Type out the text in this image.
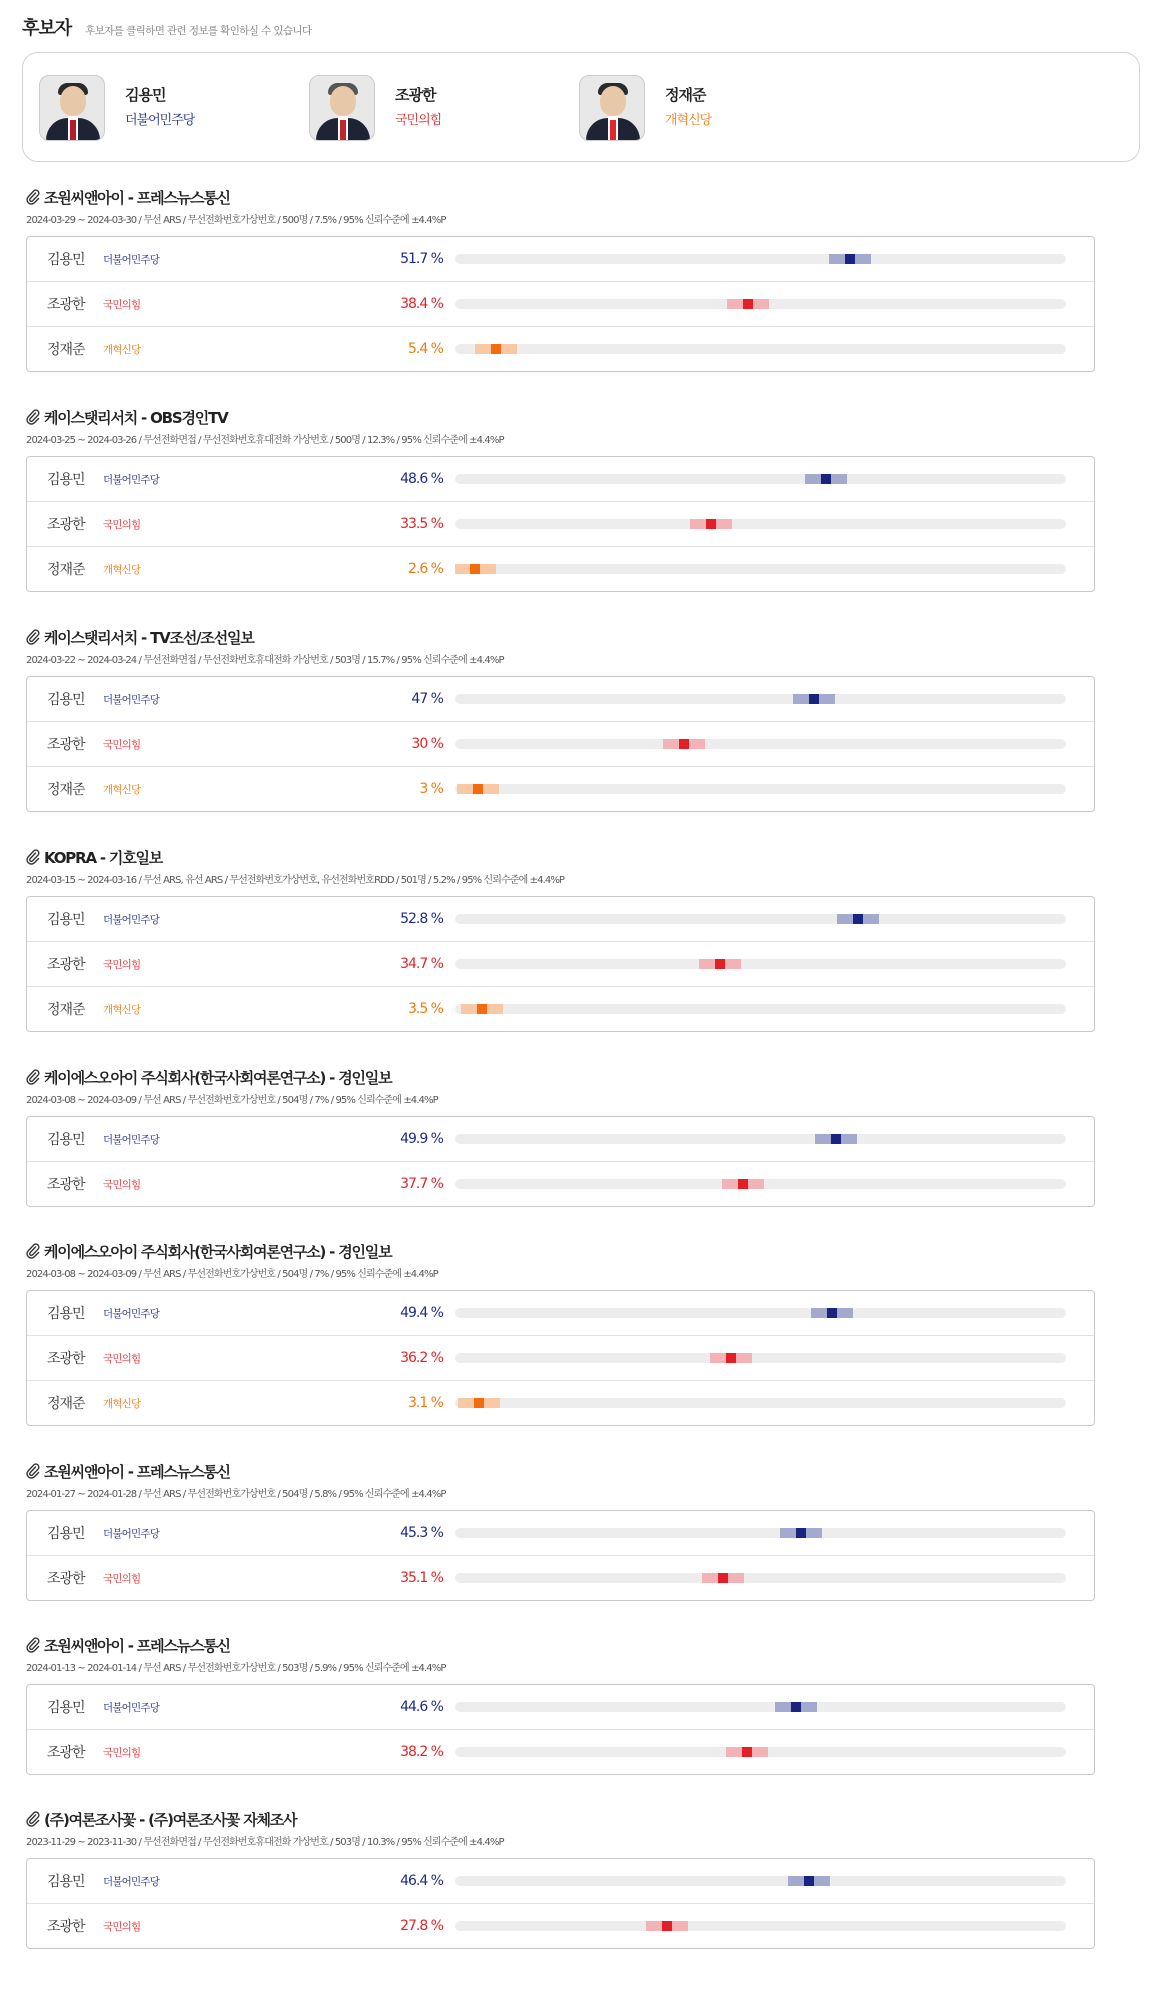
후보자 후보자를 클릭하면 관련 정보를 확인하실 수 있습니다
김용민
더불어민주당
조광한
국민의힘
정재준
개혁신당
조원씨앤아이 - 프레스뉴스통신
2024-03-29 ~ 2024-03-30 / 무선 ARS / 무선전화번호가상번호 / 500명 / 7.5% / 95% 신뢰수준에 ±4.4%P
김용민 더불어민주당	51.7 %
조광한 국민의힘	38.4 %
정재준 개혁신당	5.4 %
케이스탯리서치 - OBS경인TV
2024-03-25 ~ 2024-03-26 / 무선전화면접 / 무선전화번호휴대전화 가상번호 / 500명 / 12.3% / 95% 신뢰수준에 ±4.4%P
김용민 더불어민주당	48.6 %
조광한 국민의힘	33.5 %
정재준 개혁신당	2.6 %
케이스탯리서치 - TV조선/조선일보
2024-03-22 ~ 2024-03-24 / 무선전화면접 / 무선전화번호휴대전화 가상번호 / 503명 / 15.7% / 95% 신뢰수준에 ±4.4%P
김용민 더불어민주당	47 %
조광한 국민의힘	30 %
정재준 개혁신당	3 %
KOPRA - 기호일보
2024-03-15 ~ 2024-03-16 / 무선 ARS, 유선 ARS / 무선전화번호가상번호, 유선전화번호RDD / 501명 / 5.2% / 95% 신뢰수준에 ±4.4%P
김용민 더불어민주당	52.8 %
조광한 국민의힘	34.7 %
정재준 개혁신당	3.5 %
케이에스오아이 주식회사(한국사회여론연구소) - 경인일보
2024-03-08 ~ 2024-03-09 / 무선 ARS / 무선전화번호가상번호 / 504명 / 7% / 95% 신뢰수준에 ±4.4%P
김용민 더불어민주당	49.9 %
조광한 국민의힘	37.7 %
케이에스오아이 주식회사(한국사회여론연구소) - 경인일보
2024-03-08 ~ 2024-03-09 / 무선 ARS / 무선전화번호가상번호 / 504명 / 7% / 95% 신뢰수준에 ±4.4%P
김용민 더불어민주당	49.4 %
조광한 국민의힘	36.2 %
정재준 개혁신당	3.1 %
조원씨앤아이 - 프레스뉴스통신
2024-01-27 ~ 2024-01-28 / 무선 ARS / 무선전화번호가상번호 / 504명 / 5.8% / 95% 신뢰수준에 ±4.4%P
김용민 더불어민주당	45.3 %
조광한 국민의힘	35.1 %
조원씨앤아이 - 프레스뉴스통신
2024-01-13 ~ 2024-01-14 / 무선 ARS / 무선전화번호가상번호 / 503명 / 5.9% / 95% 신뢰수준에 ±4.4%P
김용민 더불어민주당	44.6 %
조광한 국민의힘	38.2 %
(주)여론조사꽃 - (주)여론조사꽃 자체조사
2023-11-29 ~ 2023-11-30 / 무선전화면접 / 무선전화번호휴대전화 가상번호 / 503명 / 10.3% / 95% 신뢰수준에 ±4.4%P
김용민 더불어민주당	46.4 %
조광한 국민의힘	27.8 %
